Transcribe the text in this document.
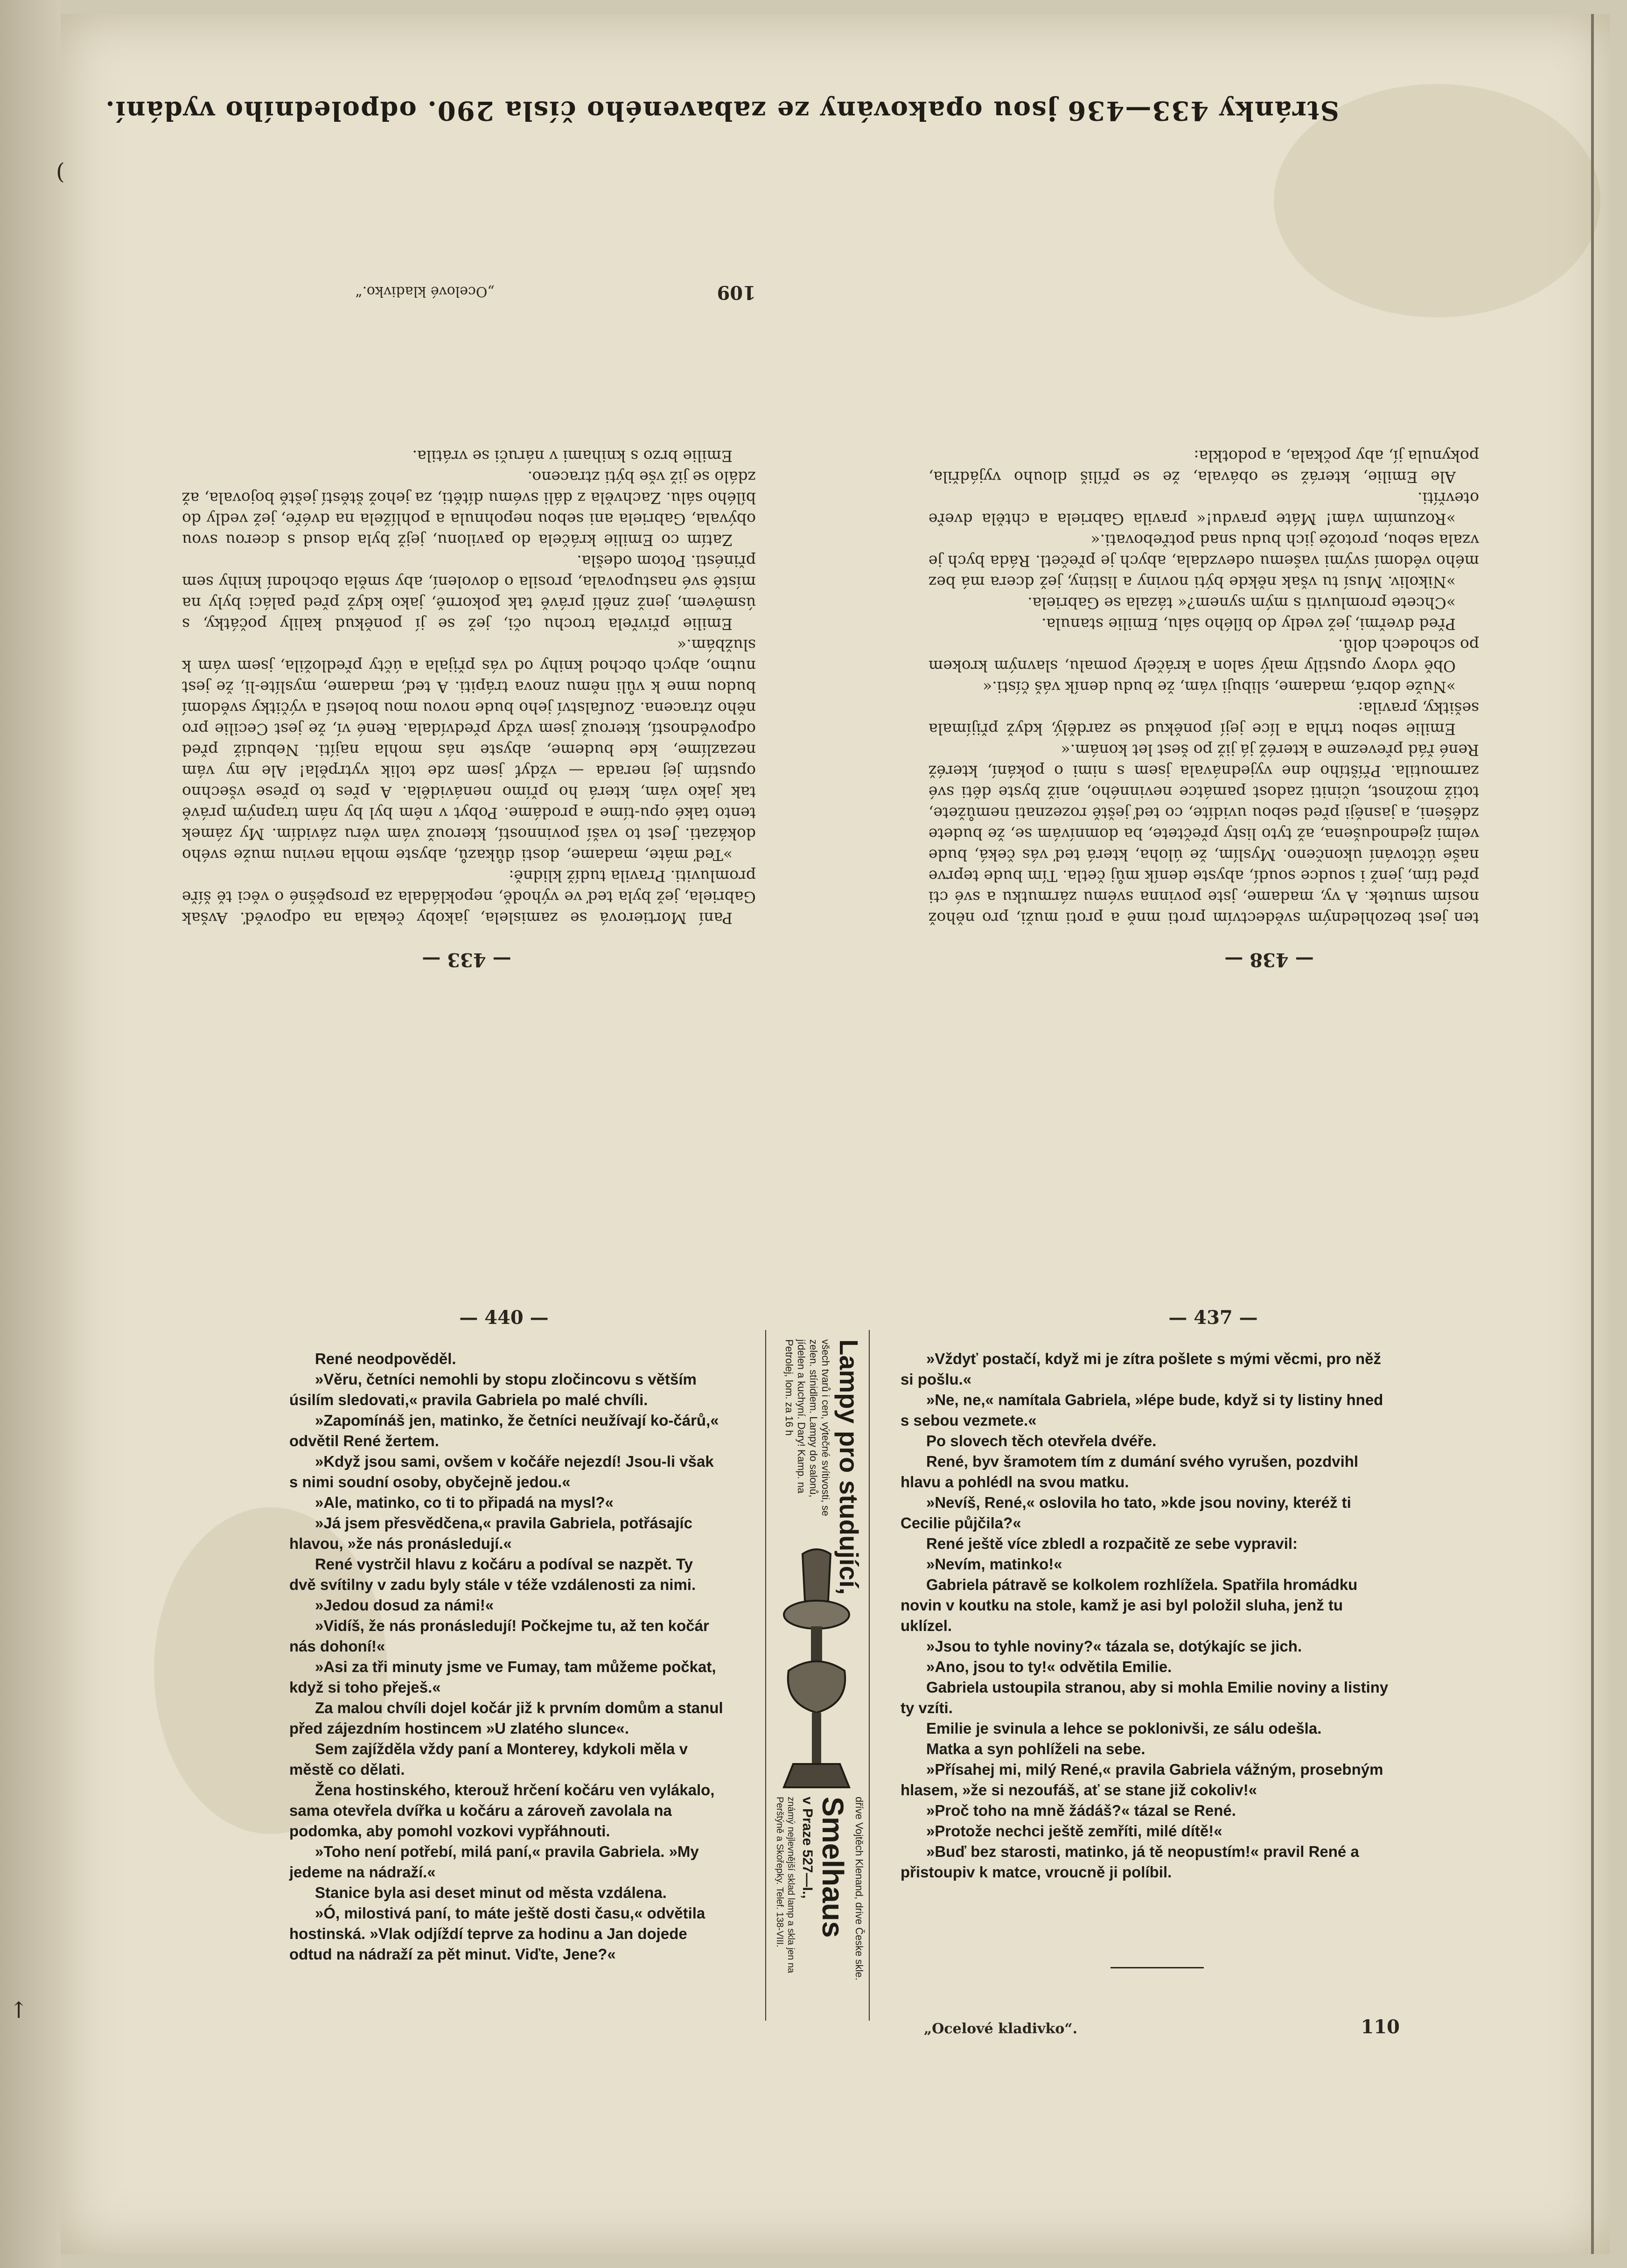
(
↑
— 433 —

Paní Mortierová se zamislela, jakoby čekala na odpověď. Avšak Gabriela, jež byla teď ve výhodě, nepokládala za prospěšné o věci tě šíře promluviti. Pravila tudíž klidně:

»Teď máte, madame, dosti důkazů, abyste mohla nevinu muže svého dokázati. Jest to vaší povinností, kterouž vám věru závidím. My zámek tento také opu-tíme a prodáme. Pobyt v něm byl by nám trapným právě tak jako vám, která ho přímo nenáviděla. A přes to přese všechno opustím jej nerada — vždyť jsem zde tolik vytrpěla! Ale my vám nezazlíme, kde budeme, abyste nás mohla najíti. Nebudiž před odpovědností, kterouž jsem vždy předvídala. René ví, že jest Cecilie pro něho ztracena. Zoufalství jeho bude novou mou bolestí a výčitky svědomí budou mne k vůli němu znova trápiti. A teď, madame, myslíte-li, že jest nutno, abych obchod knihy od vás přijala a účty předložila, jsem vám k službám.«

Emilie přivřela trochu oči, jež se jí poněkud kalily počátky, s úsměvem, jenž znělí právě tak pokorně, jako když před paláci byly na místě své nastupovala, prosila o dovolení, aby směla obchodní knihy sem přinésti. Potom odešla.

Zatím co Emilie kráčela do pavilonu, jejž byla dosud s dcerou svou obývala, Gabriela ani sebou nepohnula a pohlížela na dvéře, jež vedly do bílého sálu. Zachvěla z dáli svému dítěti, za jehož štěstí ještě bojovala, až zdálo se již vše býti ztraceno.

Emilie brzo s knihami v náruči se vrátila.

109
„Ocelové kladivko.“
— 438 —

ten jest bezohledným svědectvím proti mně a proti muži, pro něhož nosím smutek. A vy, madame, jste povinna svému zármutku a své cti před tím, jenž i soudce soudí, abyste deník můj četla. Tím bude teprve naše účtování ukončeno. Myslím, že úloha, která teď vás čeká, bude velmi zjednodušena, až tyto listy přečtete, ba domnívám se, že budete zděšeni, a jasněji před sebou uvidíte, co teď ještě rozeznati nemůžete, totiž možnost, učiniti zadost památce nevinného, aniž byste děti své zarmoutila. Příštího dne vyjednávala jsem s nimi o pokání, kteréž René řád převezme a kteréž já již po šest let konám.«

Emilie sebou trhla a líce její poněkud se zardělý, když přijímala sešitky, pravila:

»Nuže dobrá, madame, slibuji vám, že budu deník váš čísti.«

Obě vdovy opustily malý salon a kráčely pomalu, slavným krokem po schodech dolů.

Před dveřmi, jež vedly do bílého sálu, Emilie stanula.

»Chcete promluviti s mým synem?« tázala se Gabriela.

»Nikoliv. Musí tu však někde býti noviny a listiny, jež dcera má bez mého vědomí svými vašemu odevzdala, abych je přečetl. Ráda bych je vzala sebou, protože jich budu snad potřebovati.«

»Rozumím vám! Máte pravdu!« pravila Gabriela a chtěla dveře otevříti.

Ale Emilie, kteráž se obávala, že se příliš dlouho vyjádřila, pokynula jí, aby počkala, a podotkla:

Stránky 433—436 jsou opakovány ze zabaveného čísla 290. odpoledního vydání.
— 440 —

René neodpověděl.

»Věru, četníci nemohli by stopu zločincovu s větším úsilím sledovati,« pravila Gabriela po malé chvíli.

»Zapomínáš jen, matinko, že četníci neužívají ko-čárů,« odvětil René žertem.

»Když jsou sami, ovšem v kočáře nejezdí! Jsou-li však s nimi soudní osoby, obyčejně jedou.«

»Ale, matinko, co ti to připadá na mysl?«

»Já jsem přesvědčena,« pravila Gabriela, potřásajíc hlavou, »že nás pronásledují.«

René vystrčil hlavu z kočáru a podíval se nazpět. Ty dvě svítilny v zadu byly stále v téže vzdálenosti za nimi.

»Jedou dosud za námi!«

»Vidíš, že nás pronásledují! Počkejme tu, až ten kočár nás dohoní!«

»Asi za tři minuty jsme ve Fumay, tam můžeme počkat, když si toho přeješ.«

Za malou chvíli dojel kočár již k prvním domům a stanul před zájezdním hostincem »U zlatého slunce«.

Sem zajížděla vždy paní a Monterey, kdykoli měla v městě co dělati.

Žena hostinského, kterouž hrčení kočáru ven vylákalo, sama otevřela dvířka u kočáru a zároveň zavolala na podomka, aby pomohl vozkovi vypřáhnouti.

»Toho není potřebí, milá paní,« pravila Gabriela. »My jedeme na nádraží.«

Stanice byla asi deset minut od města vzdálena.

»Ó, milostivá paní, to máte ještě dosti času,« odvětila hostinská. »Vlak odjíždí teprve za hodinu a Jan dojede odtud na nádraží za pět minut. Viďte, Jene?«

Lampy pro studující,
všech tvarů i cen, výtečné svítivosti, se zelen. stínidlem. Lampy do salonů, jídelen a kuchyní. Dary! Kamp. na Petrolej, lom. za 16 h
dříve Vojtěch Klenand, drive Česke skle.
Smelhaus
v Praze 527—I.,
známý nejlevnější sklad lamp a skla jen na Perštýně a Skořepky. Telef. 138-VIII.
— 437 —

»Vždyť postačí, když mi je zítra pošlete s mými věcmi, pro něž si pošlu.«

»Ne, ne,« namítala Gabriela, »lépe bude, když si ty listiny hned s sebou vezmete.«

Po slovech těch otevřela dvéře.

René, byv šramotem tím z dumání svého vyrušen, pozdvihl hlavu a pohlédl na svou matku.

»Nevíš, René,« oslovila ho tato, »kde jsou noviny, kteréž ti Cecilie půjčila?«

René ještě více zbledl a rozpačitě ze sebe vypravil:

»Nevím, matinko!«

Gabriela pátravě se kolkolem rozhlížela. Spatřila hromádku novin v koutku na stole, kamž je asi byl položil sluha, jenž tu uklízel.

»Jsou to tyhle noviny?« tázala se, dotýkajíc se jich.

»Ano, jsou to ty!« odvětila Emilie.

Gabriela ustoupila stranou, aby si mohla Emilie noviny a listiny ty vzíti.

Emilie je svinula a lehce se poklonivši, ze sálu odešla.

Matka a syn pohlíželi na sebe.

»Přísahej mi, milý René,« pravila Gabriela vážným, prosebným hlasem, »že si nezoufáš, ať se stane již cokoliv!«

»Proč toho na mně žádáš?« tázal se René.

»Protože nechci ještě zemříti, milé dítě!«

»Buď bez starosti, matinko, já tě neopustím!« pravil René a přistoupiv k matce, vroucně ji políbil.

„Ocelové kladivko“.	110
